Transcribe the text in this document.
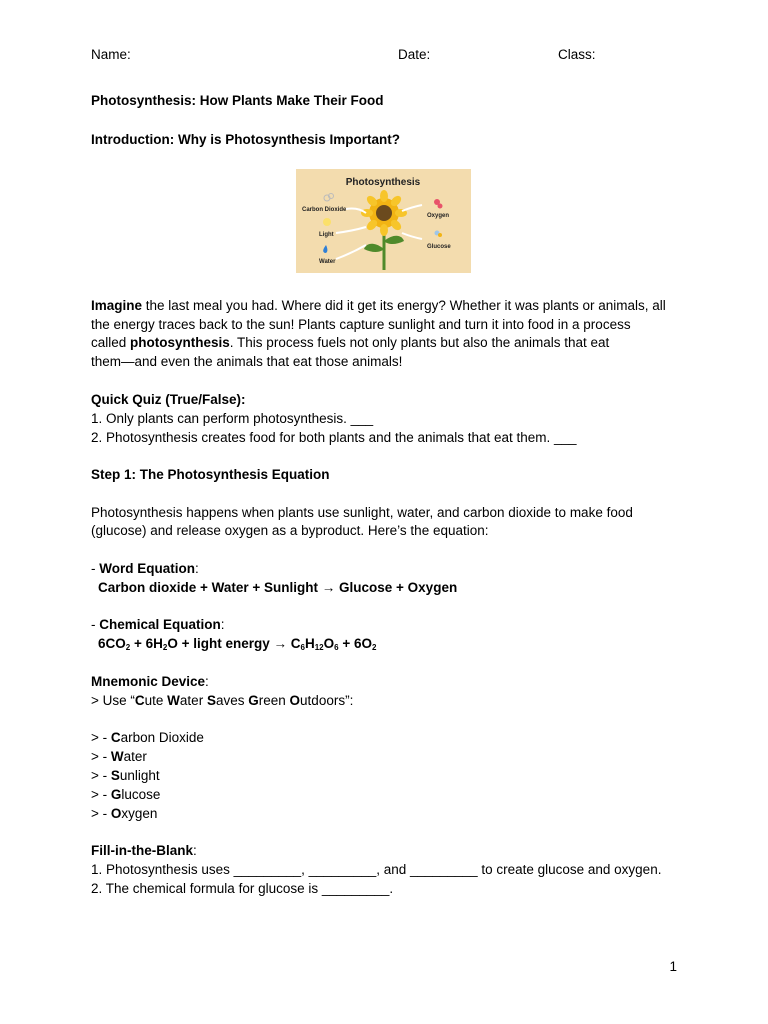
Name:	Date:	Class:
Photosynthesis: How Plants Make Their Food
Introduction: Why is Photosynthesis Important?
Photosynthesis
Carbon Dioxide
Light
Water
Oxygen
Glucose
Imagine the last meal you had. Where did it get its energy? Whether it was plants or animals, all
the energy traces back to the sun! Plants capture sunlight and turn it into food in a process
called photosynthesis. This process fuels not only plants but also the animals that eat
them—and even the animals that eat those animals!
Quick Quiz (True/False):
1. Only plants can perform photosynthesis. ___
2. Photosynthesis creates food for both plants and the animals that eat them. ___
Step 1: The Photosynthesis Equation
Photosynthesis happens when plants use sunlight, water, and carbon dioxide to make food
(glucose) and release oxygen as a byproduct. Here’s the equation:
- Word Equation:
Carbon dioxide + Water + Sunlight → Glucose + Oxygen
- Chemical Equation:
$6CO_2 + 6H_2O$ + light energy → $C_6H_{12}O_6 + 6O_2$
Mnemonic Device:
> Use “Cute Water Saves Green Outdoors”:
> - Carbon Dioxide
> - Water
> - Sunlight
> - Glucose
> - Oxygen
Fill-in-the-Blank:
1. Photosynthesis uses _________, _________, and _________ to create glucose and oxygen.
2. The chemical formula for glucose is _________.
1
